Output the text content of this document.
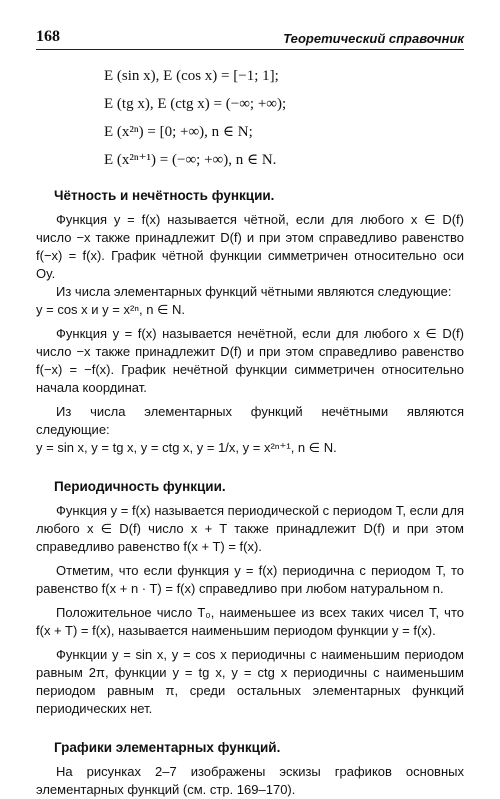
168	Теоретический справочник
E (sin x), E (cos x) = [−1; 1];
E (tg x), E (ctg x) = (−∞; +∞);
E (x²ⁿ) = [0; +∞), n ∈ N;
E (x²ⁿ⁺¹) = (−∞; +∞), n ∈ N.
Чётность и нечётность функции.

Функция y = f(x) называется чётной, если для любого x ∈ D(f) число −x также принадлежит D(f) и при этом справедливо равенство f(−x) = f(x). График чётной функции симметричен относительно оси Oy.

Из числа элементарных функций чётными являются следующие:

y = cos x и y = x²ⁿ, n ∈ N.

Функция y = f(x) называется нечётной, если для любого x ∈ D(f) число −x также принадлежит D(f) и при этом справедливо равенство f(−x) = −f(x). График нечётной функции симметричен относительно начала координат.

Из числа элементарных функций нечётными являются следующие:

y = sin x, y = tg x, y = ctg x, y = 1/x, y = x²ⁿ⁺¹, n ∈ N.

Периодичность функции.

Функция y = f(x) называется периодической с периодом T, если для любого x ∈ D(f) число x + T также принадлежит D(f) и при этом справедливо равенство f(x + T) = f(x).

Отметим, что если функция y = f(x) периодична с периодом T, то равенство f(x + n · T) = f(x) справедливо при любом натуральном n.

Положительное число T₀, наименьшее из всех таких чисел T, что f(x + T) = f(x), называется наименьшим периодом функции y = f(x).

Функции y = sin x, y = cos x периодичны с наименьшим периодом равным 2π, функции y = tg x, y = ctg x периодичны с наименьшим периодом равным π, среди остальных элементарных функций периодических нет.

Графики элементарных функций.

На рисунках 2–7 изображены эскизы графиков основных элементарных функций (см. стр. 169–170).
